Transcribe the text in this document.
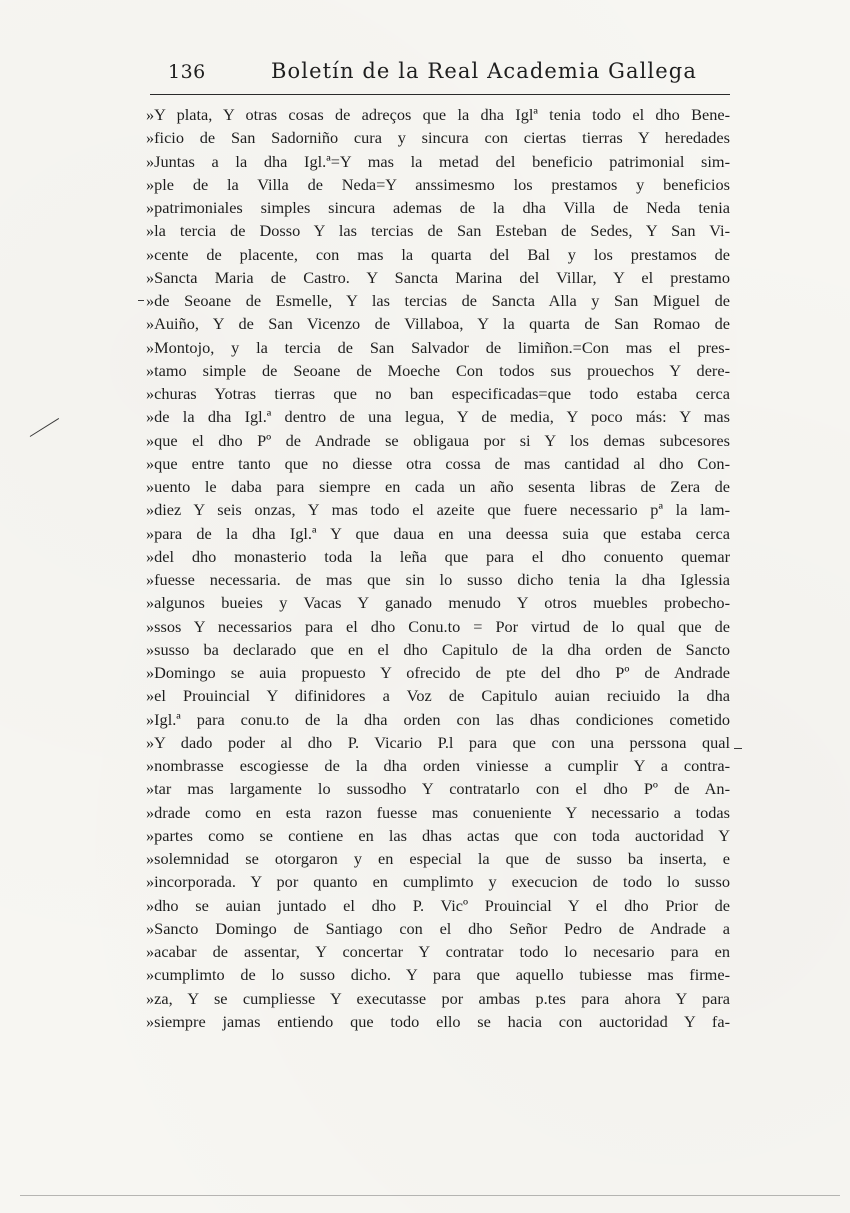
136	Boletín de la Real Academia Gallega
»Y plata, Y otras cosas de adreços que la dha Iglª tenia todo el dho Bene-
»ficio de San Sadorniño cura y sincura con ciertas tierras Y heredades
»Juntas a la dha Igl.ª=Y mas la metad del beneficio patrimonial sim-
»ple de la Villa de Neda=Y anssimesmo los prestamos y beneficios
»patrimoniales simples sincura ademas de la dha Villa de Neda tenia
»la tercia de Dosso Y las tercias de San Esteban de Sedes, Y San Vi-
»cente de placente, con mas la quarta del Bal y los prestamos de
»Sancta Maria de Castro. Y Sancta Marina del Villar, Y el prestamo
»de Seoane de Esmelle, Y las tercias de Sancta Alla y San Miguel de
»Auiño, Y de San Vicenzo de Villaboa, Y la quarta de San Romao de
»Montojo, y la tercia de San Salvador de limiñon.=Con mas el pres-
»tamo simple de Seoane de Moeche Con todos sus prouechos Y dere-
»churas Yotras tierras que no ban especificadas=que todo estaba cerca
»de la dha Igl.ª dentro de una legua, Y de media, Y poco más: Y mas
»que el dho Pº de Andrade se obligaua por si Y los demas subcesores
»que entre tanto que no diesse otra cossa de mas cantidad al dho Con-
»uento le daba para siempre en cada un año sesenta libras de Zera de
»diez Y seis onzas, Y mas todo el azeite que fuere necessario pª la lam-
»para de la dha Igl.ª Y que daua en una deessa suia que estaba cerca
»del dho monasterio toda la leña que para el dho conuento quemar
»fuesse necessaria. de mas que sin lo susso dicho tenia la dha Iglessia
»algunos bueies y Vacas Y ganado menudo Y otros muebles probecho-
»ssos Y necessarios para el dho Conu.to = Por virtud de lo qual que de
»susso ba declarado que en el dho Capitulo de la dha orden de Sancto
»Domingo se auia propuesto Y ofrecido de pte del dho Pº de Andrade
»el Prouincial Y difinidores a Voz de Capitulo auian reciuido la dha
»Igl.ª para conu.to de la dha orden con las dhas condiciones cometido
»Y dado poder al dho P. Vicario P.l para que con una perssona qual
»nombrasse escogiesse de la dha orden viniesse a cumplir Y a contra-
»tar mas largamente lo sussodho Y contratarlo con el dho Pº de An-
»drade como en esta razon fuesse mas conueniente Y necessario a todas
»partes como se contiene en las dhas actas que con toda auctoridad Y
»solemnidad se otorgaron y en especial la que de susso ba inserta, e
»incorporada. Y por quanto en cumplimto y execucion de todo lo susso
»dho se auian juntado el dho P. Vicº Prouincial Y el dho Prior de
»Sancto Domingo de Santiago con el dho Señor Pedro de Andrade a
»acabar de assentar, Y concertar Y contratar todo lo necesario para en
»cumplimto de lo susso dicho. Y para que aquello tubiesse mas firme-
»za, Y se cumpliesse Y executasse por ambas p.tes para ahora Y para
»siempre jamas entiendo que todo ello se hacia con auctoridad Y fa-
